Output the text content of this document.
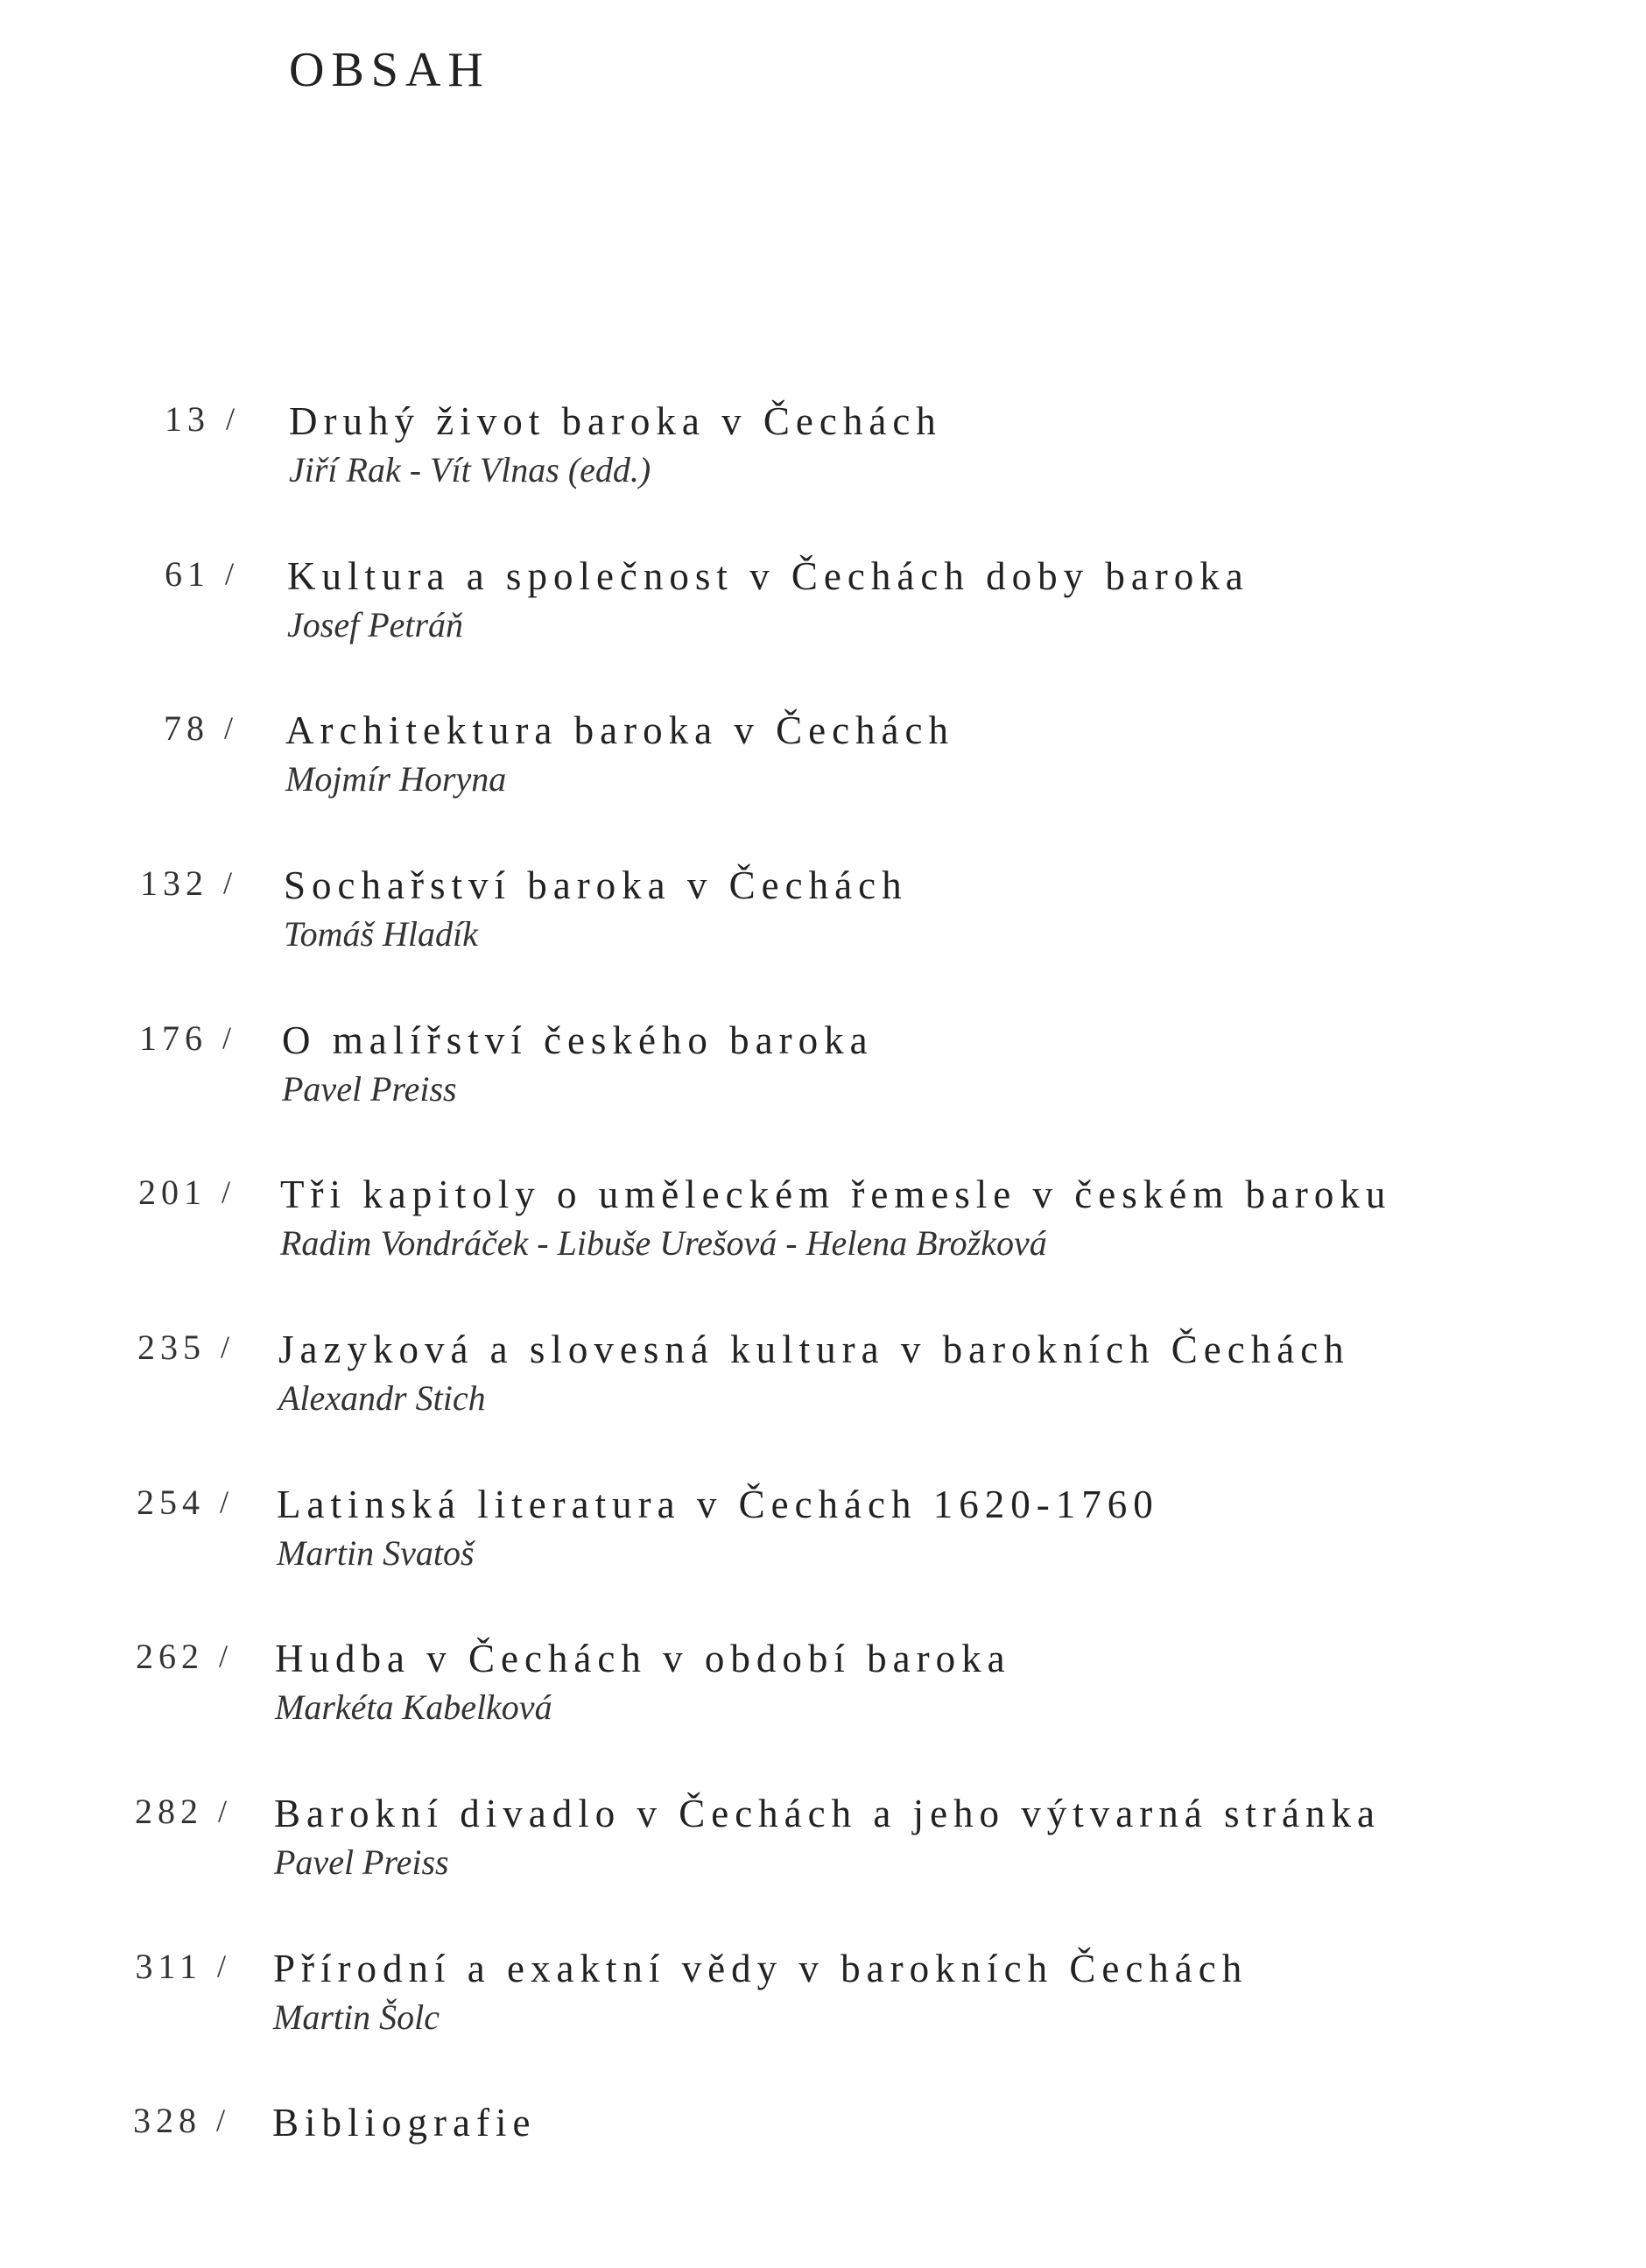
OBSAH
13 / Druhý život baroka v Čechách
Jiří Rak - Vít Vlnas (edd.)
61 / Kultura a společnost v Čechách doby baroka
Josef Petráň
78 / Architektura baroka v Čechách
Mojmír Horyna
132 / Sochařství baroka v Čechách
Tomáš Hladík
176 / O malířství českého baroka
Pavel Preiss
201 / Tři kapitoly o uměleckém řemesle v českém baroku
Radim Vondráček - Libuše Urešová - Helena Brožková
235 / Jazyková a slovesná kultura v barokních Čechách
Alexandr Stich
254 / Latinská literatura v Čechách 1620-1760
Martin Svatoš
262 / Hudba v Čechách v období baroka
Markéta Kabelková
282 / Barokní divadlo v Čechách a jeho výtvarná stránka
Pavel Preiss
311 / Přírodní a exaktní vědy v barokních Čechách
Martin Šolc
328 / Bibliografie
